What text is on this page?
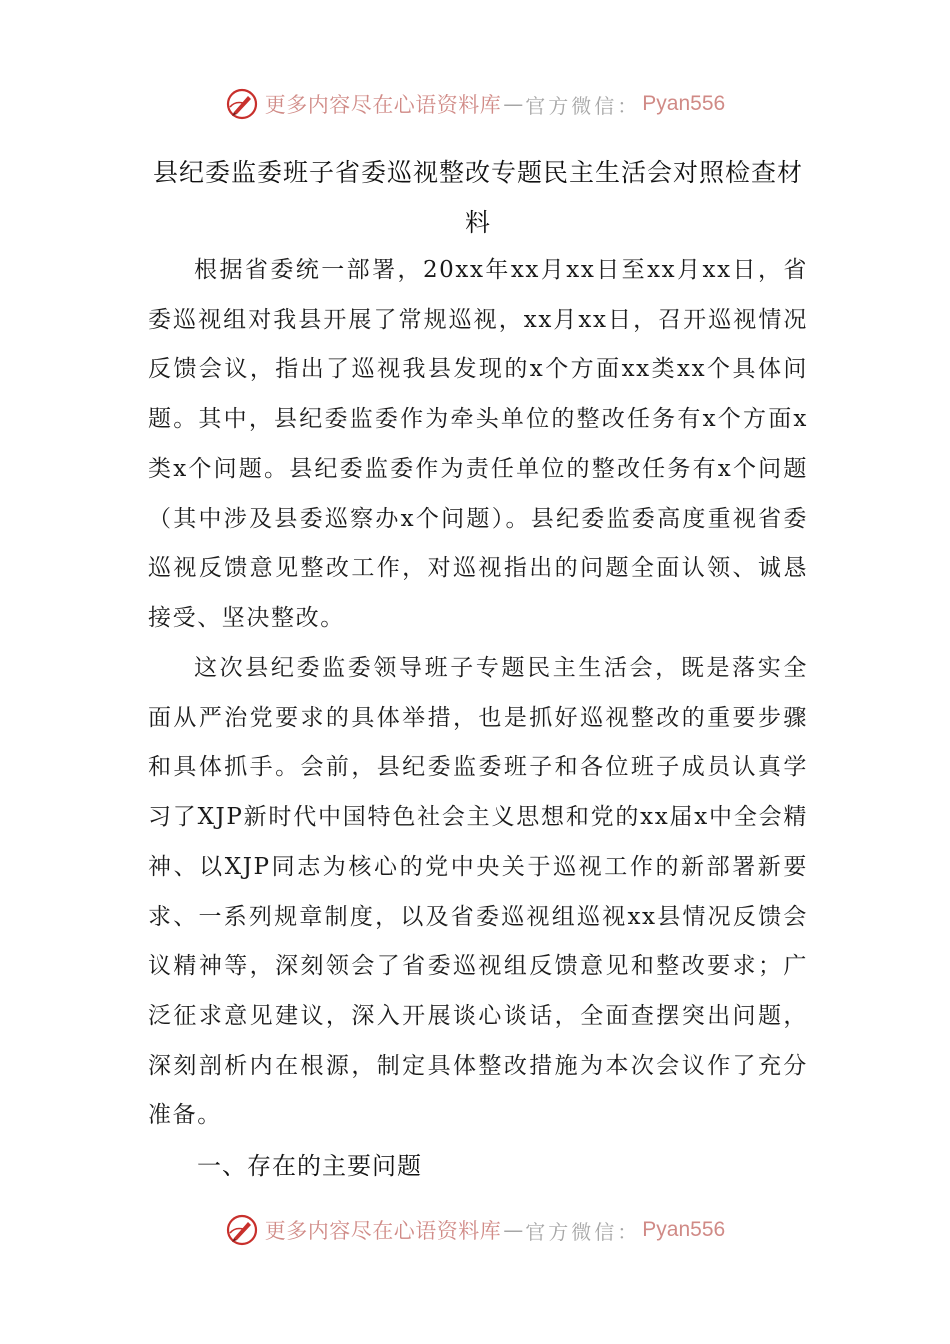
更多内容尽在心语资料库 — 官方微信： Pyan556
县纪委监委班子省委巡视整改专题民主生活会对照检查材料

根据省委统一部署，20xx年xx月xx日至xx月xx日，省委巡视组对我县开展了常规巡视，xx月xx日，召开巡视情况反馈会议，指出了巡视我县发现的x个方面xx类xx个具体问题。其中，县纪委监委作为牵头单位的整改任务有x个方面x类x个问题。县纪委监委作为责任单位的整改任务有x个问题（其中涉及县委巡察办x个问题）。县纪委监委高度重视省委巡视反馈意见整改工作，对巡视指出的问题全面认领、诚恳接受、坚决整改。

这次县纪委监委领导班子专题民主生活会，既是落实全面从严治党要求的具体举措，也是抓好巡视整改的重要步骤和具体抓手。会前，县纪委监委班子和各位班子成员认真学习了XJP新时代中国特色社会主义思想和党的xx届x中全会精神、以XJP同志为核心的党中央关于巡视工作的新部署新要求、一系列规章制度，以及省委巡视组巡视xx县情况反馈会议精神等，深刻领会了省委巡视组反馈意见和整改要求；广泛征求意见建议，深入开展谈心谈话，全面查摆突出问题，深刻剖析内在根源，制定具体整改措施为本次会议作了充分准备。

一、存在的主要问题
更多内容尽在心语资料库 — 官方微信： Pyan556
